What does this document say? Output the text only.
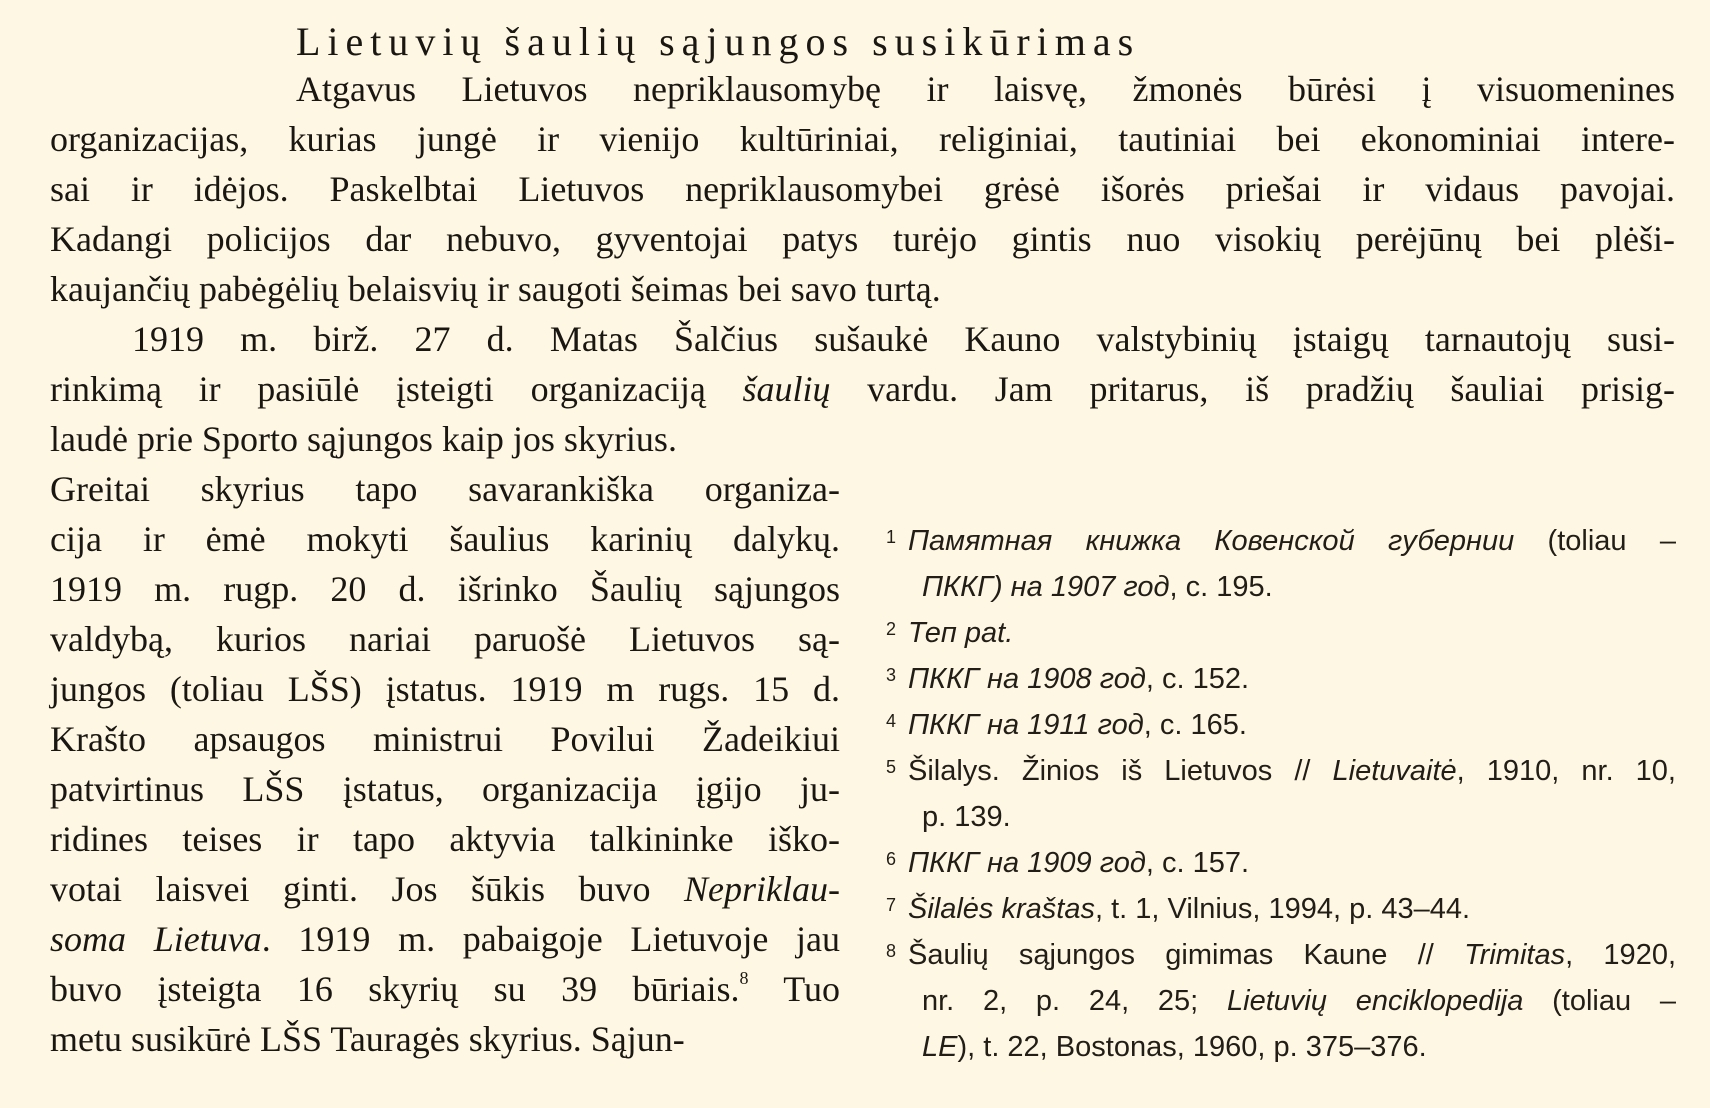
Lietuvių šaulių sąjungos susikūrimas
Atgavus Lietuvos nepriklausomybę ir laisvę, žmonės būrėsi į visuomenines
organizacijas, kurias jungė ir vienijo kultūriniai, religiniai, tautiniai bei ekonominiai intere-
sai ir idėjos. Paskelbtai Lietuvos nepriklausomybei grėsė išorės priešai ir vidaus pavojai.
Kadangi policijos dar nebuvo, gyventojai patys turėjo gintis nuo visokių perėjūnų bei plėši-
kaujančių pabėgėlių belaisvių ir saugoti šeimas bei savo turtą.
1919 m. birž. 27 d. Matas Šalčius sušaukė Kauno valstybinių įstaigų tarnautojų susi-
rinkimą ir pasiūlė įsteigti organizaciją šaulių vardu. Jam pritarus, iš pradžių šauliai prisig-
laudė prie Sporto sąjungos kaip jos skyrius.
Greitai skyrius tapo savarankiška organiza-
cija ir ėmė mokyti šaulius karinių dalykų.
1919 m. rugp. 20 d. išrinko Šaulių sąjungos
valdybą, kurios nariai paruošė Lietuvos są-
jungos (toliau LŠS) įstatus. 1919 m rugs. 15 d.
Krašto apsaugos ministrui Povilui Žadeikiui
patvirtinus LŠS įstatus, organizacija įgijo ju-
ridines teises ir tapo aktyvia talkininke iško-
votai laisvei ginti. Jos šūkis buvo Nepriklau-
soma Lietuva. 1919 m. pabaigoje Lietuvoje jau
buvo įsteigta 16 skyrių su 39 būriais.$^8$ Tuo
metu susikūrė LŠS Tauragės skyrius. Sąjun-
1 Памятная книжка Ковенской губернии (toliau –
ПККГ) на 1907 год, с. 195.
2 Теп pat.
3 ПККГ на 1908 год, с. 152.
4 ПККГ на 1911 год, с. 165.
5 Šilalys. Žinios iš Lietuvos // Lietuvaitė, 1910, nr. 10,
p. 139.
6 ПККГ на 1909 год, с. 157.
7 Šilalės kraštas, t. 1, Vilnius, 1994, p. 43–44.
8 Šaulių sąjungos gimimas Kaune // Trimitas, 1920,
nr. 2, p. 24, 25; Lietuvių enciklopedija (toliau –
LE), t. 22, Bostonas, 1960, p. 375–376.
